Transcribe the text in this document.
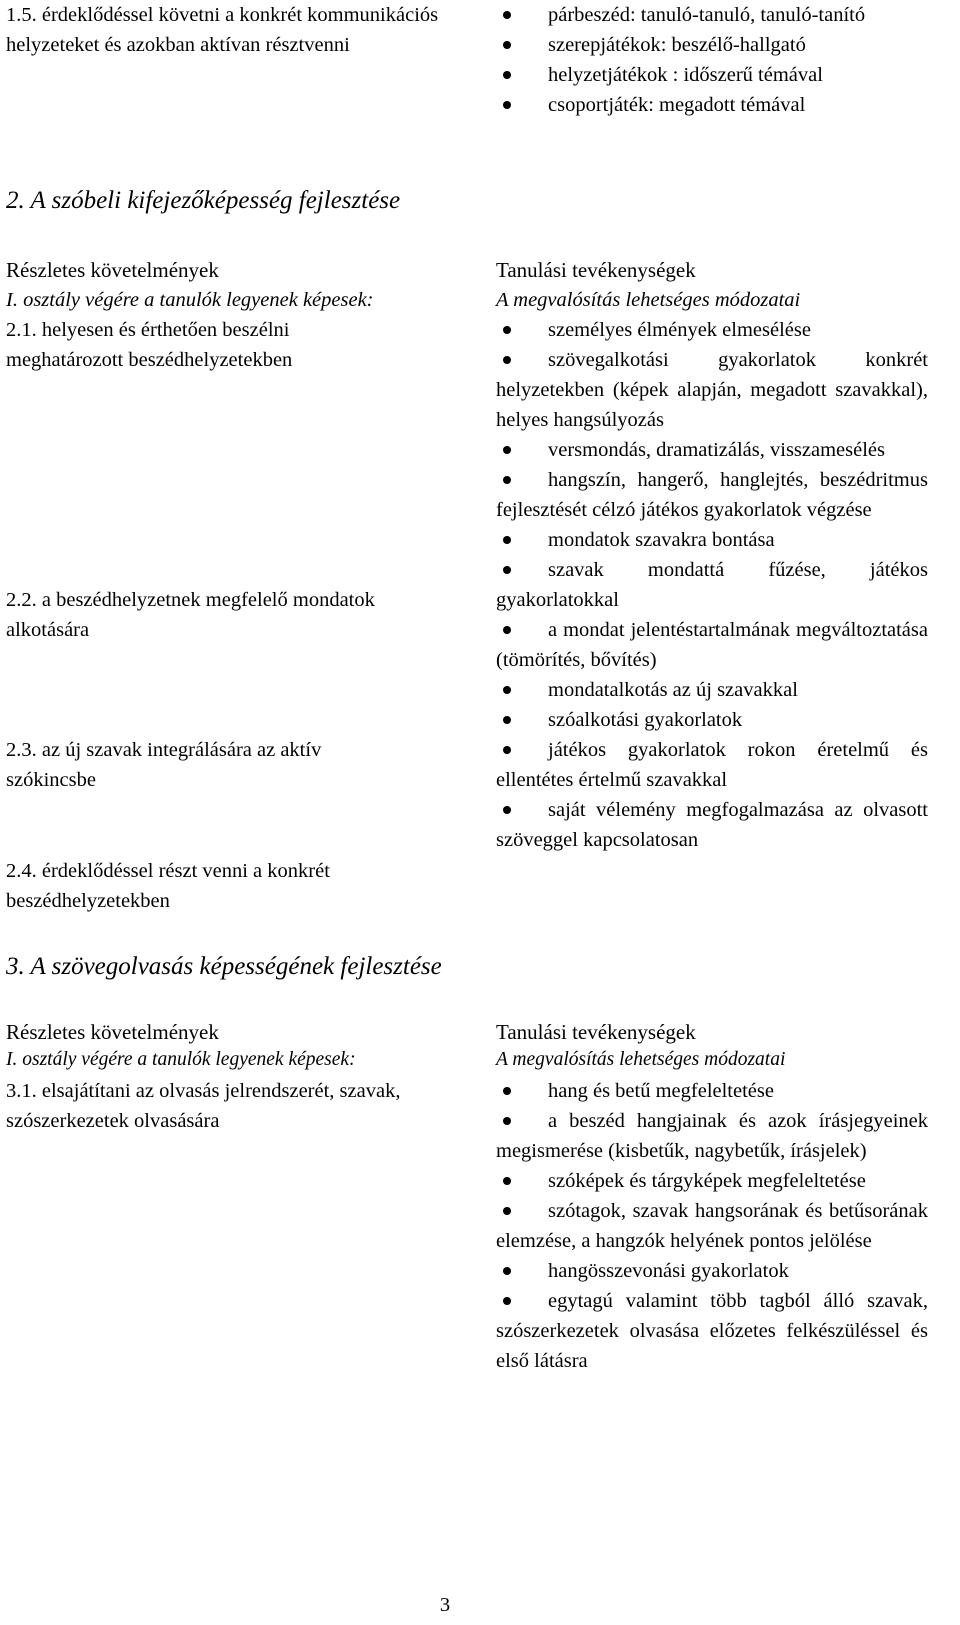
1.5. érdeklődéssel követni a konkrét kommunikációs helyzeteket és azokban aktívan résztvenni
párbeszéd: tanuló-tanuló, tanuló-tanító
szerepjátékok: beszélő-hallgató
helyzetjátékok : időszerű témával
csoportjáték: megadott témával
2. A szóbeli kifejezőképesség fejlesztése
Részletes követelmények
I. osztály végére a tanulók legyenek képesek:
Tanulási tevékenységek
A megvalósítás lehetséges módozatai
2.1. helyesen és érthetően beszélni meghatározott beszédhelyzetekben
2.2. a beszédhelyzetnek megfelelő mondatok alkotására
2.3. az új szavak integrálására az aktív szókincsbe
2.4. érdeklődéssel részt venni a konkrét beszédhelyzetekben
személyes élmények elmesélése
szövegalkotási gyakorlatok konkrét helyzetekben (képek alapján, megadott szavakkal), helyes hangsúlyozás
versmondás, dramatizálás, visszamesélés
hangszín, hangerő, hanglejtés, beszédritmus fejlesztését célzó játékos gyakorlatok végzése
mondatok szavakra bontása
szavak mondattá fűzése, játékos gyakorlatokkal
a mondat jelentéstartalmának megváltoztatása (tömörítés, bővítés)
mondatalkotás az új szavakkal
szóalkotási gyakorlatok
játékos gyakorlatok rokon éretelmű és ellentétes értelmű szavakkal
saját vélemény megfogalmazása az olvasott szöveggel kapcsolatosan
3. A szövegolvasás képességének fejlesztése
Részletes követelmények
I. osztály végére a tanulók legyenek képesek:
Tanulási tevékenységek
A megvalósítás lehetséges módozatai
3.1. elsajátítani az olvasás jelrendszerét, szavak, szószerkezetek olvasására
hang és betű megfeleltetése
a beszéd hangjainak és azok írásjegyeinek megismerése (kisbetűk, nagybetűk, írásjelek)
szóképek és tárgyképek megfeleltetése
szótagok, szavak hangsorának és betűsorának elemzése, a hangzók helyének pontos jelölése
hangösszevonási gyakorlatok
egytagú valamint több tagból álló szavak, szószerkezetek olvasása előzetes felkészüléssel és első látásra
3
